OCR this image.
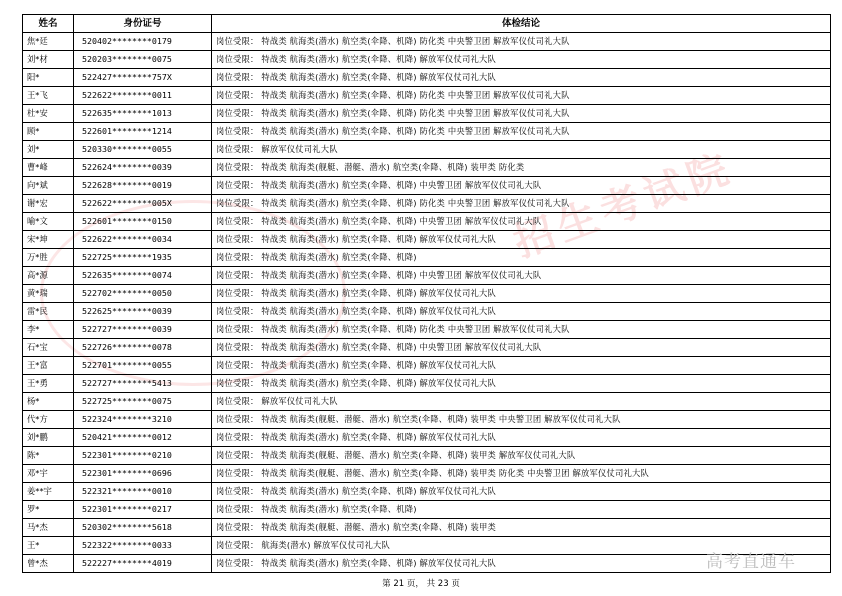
招生考试院
姓名	身份证号	体检结论
焦*廷	520402********0179	岗位受限： 特战类 航海类(潜水) 航空类(伞降、机降) 防化类 中央警卫团 解放军仪仗司礼大队
刘*材	520203********0075	岗位受限： 特战类 航海类(潜水) 航空类(伞降、机降) 解放军仪仗司礼大队
阳*	522427********757X	岗位受限： 特战类 航海类(潜水) 航空类(伞降、机降) 解放军仪仗司礼大队
王*飞	522622********0011	岗位受限： 特战类 航海类(潜水) 航空类(伞降、机降) 防化类 中央警卫团 解放军仪仗司礼大队
杜*安	522635********1013	岗位受限： 特战类 航海类(潜水) 航空类(伞降、机降) 防化类 中央警卫团 解放军仪仗司礼大队
顾*	522601********1214	岗位受限： 特战类 航海类(潜水) 航空类(伞降、机降) 防化类 中央警卫团 解放军仪仗司礼大队
刘*	520330********0055	岗位受限： 解放军仪仗司礼大队
曹*峰	522624********0039	岗位受限： 特战类 航海类(舰艇、潜艇、潜水) 航空类(伞降、机降) 装甲类 防化类
向*斌	522628********0019	岗位受限： 特战类 航海类(潜水) 航空类(伞降、机降) 中央警卫团 解放军仪仗司礼大队
谢*宏	522622********005X	岗位受限： 特战类 航海类(潜水) 航空类(伞降、机降) 防化类 中央警卫团 解放军仪仗司礼大队
喻*文	522601********0150	岗位受限： 特战类 航海类(潜水) 航空类(伞降、机降) 中央警卫团 解放军仪仗司礼大队
宋*坤	522622********0034	岗位受限： 特战类 航海类(潜水) 航空类(伞降、机降) 解放军仪仗司礼大队
万*胜	522725********1935	岗位受限： 特战类 航海类(潜水) 航空类(伞降、机降)
高*源	522635********0074	岗位受限： 特战类 航海类(潜水) 航空类(伞降、机降) 中央警卫团 解放军仪仗司礼大队
黄*瑞	522702********0050	岗位受限： 特战类 航海类(潜水) 航空类(伞降、机降) 解放军仪仗司礼大队
雷*民	522625********0039	岗位受限： 特战类 航海类(潜水) 航空类(伞降、机降) 解放军仪仗司礼大队
李*	522727********0039	岗位受限： 特战类 航海类(潜水) 航空类(伞降、机降) 防化类 中央警卫团 解放军仪仗司礼大队
石*宝	522726********0078	岗位受限： 特战类 航海类(潜水) 航空类(伞降、机降) 中央警卫团 解放军仪仗司礼大队
王*富	522701********0055	岗位受限： 特战类 航海类(潜水) 航空类(伞降、机降) 解放军仪仗司礼大队
王*勇	522727********5413	岗位受限： 特战类 航海类(潜水) 航空类(伞降、机降) 解放军仪仗司礼大队
杨*	522725********0075	岗位受限： 解放军仪仗司礼大队
代*方	522324********3210	岗位受限： 特战类 航海类(舰艇、潜艇、潜水) 航空类(伞降、机降) 装甲类 中央警卫团 解放军仪仗司礼大队
刘*鹏	520421********0012	岗位受限： 特战类 航海类(潜水) 航空类(伞降、机降) 解放军仪仗司礼大队
陈*	522301********0210	岗位受限： 特战类 航海类(舰艇、潜艇、潜水) 航空类(伞降、机降) 装甲类 解放军仪仗司礼大队
邓*宇	522301********0696	岗位受限： 特战类 航海类(舰艇、潜艇、潜水) 航空类(伞降、机降) 装甲类 防化类 中央警卫团 解放军仪仗司礼大队
姜**宇	522321********0010	岗位受限： 特战类 航海类(潜水) 航空类(伞降、机降) 解放军仪仗司礼大队
罗*	522301********0217	岗位受限： 特战类 航海类(潜水) 航空类(伞降、机降)
马*杰	520302********5618	岗位受限： 特战类 航海类(舰艇、潜艇、潜水) 航空类(伞降、机降) 装甲类
王*	522322********0033	岗位受限： 航海类(潜水) 解放军仪仗司礼大队
曾*杰	522227********4019	岗位受限： 特战类 航海类(潜水) 航空类(伞降、机降) 解放军仪仗司礼大队
第 21 页， 共 23 页
高考直通车
